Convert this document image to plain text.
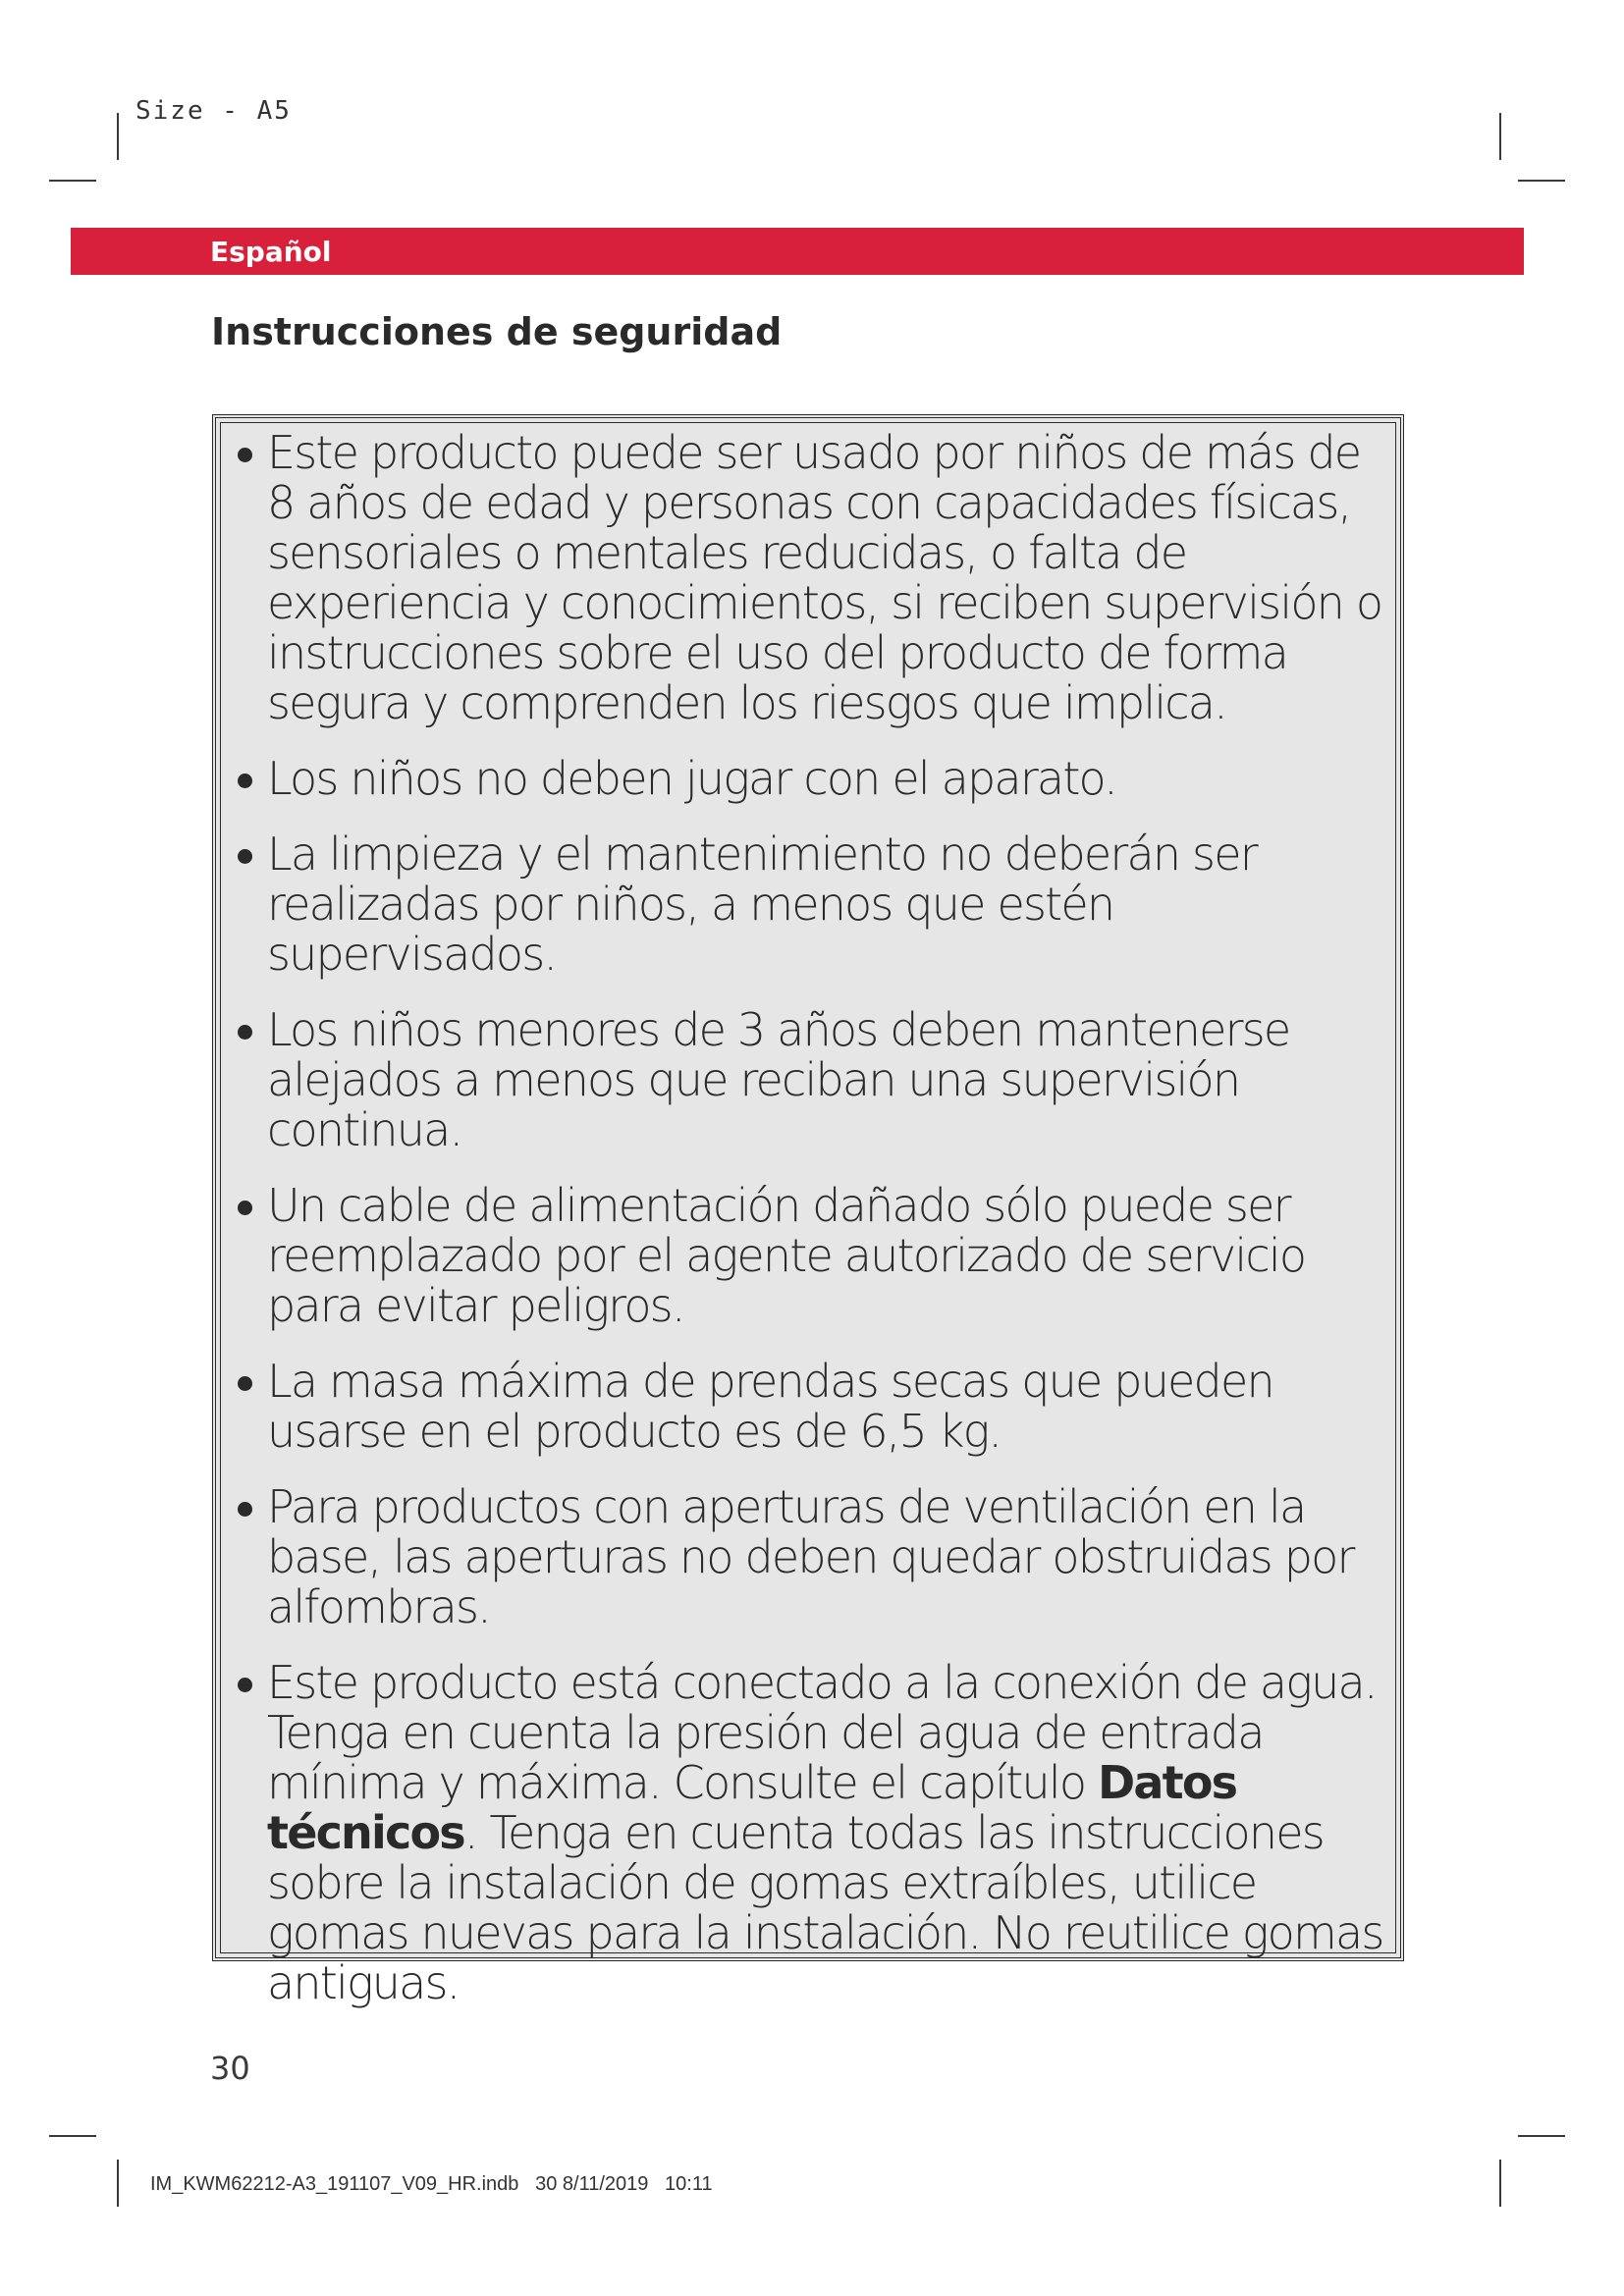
Size - A5
Español
Instrucciones de seguridad
Este producto puede ser usado por niños de más de 8 años de edad y personas con capacidades físicas, sensoriales o mentales reducidas, o falta de experiencia y conocimientos, si reciben supervisión o instrucciones sobre el uso del producto de forma segura y comprenden los riesgos que implica.
Los niños no deben jugar con el aparato.
La limpieza y el mantenimiento no deberán ser realizadas por niños, a menos que estén supervisados.
Los niños menores de 3 años deben mantenerse alejados a menos que reciban una supervisión continua.
Un cable de alimentación dañado sólo puede ser reemplazado por el agente autorizado de servicio para evitar peligros.
La masa máxima de prendas secas que pueden usarse en el producto es de 6,5 kg.
Para productos con aperturas de ventilación en la base, las aperturas no deben quedar obstruidas por alfombras.
Este producto está conectado a la conexión de agua. Tenga en cuenta la presión del agua de entrada mínima y máxima. Consulte el capítulo Datos técnicos. Tenga en cuenta todas las instrucciones sobre la instalación de gomas extraíbles, utilice gomas nuevas para la instalación. No reutilice gomas antiguas.
30
IM_KWM62212-A3_191107_V09_HR.indb   30 8/11/2019   10:11
